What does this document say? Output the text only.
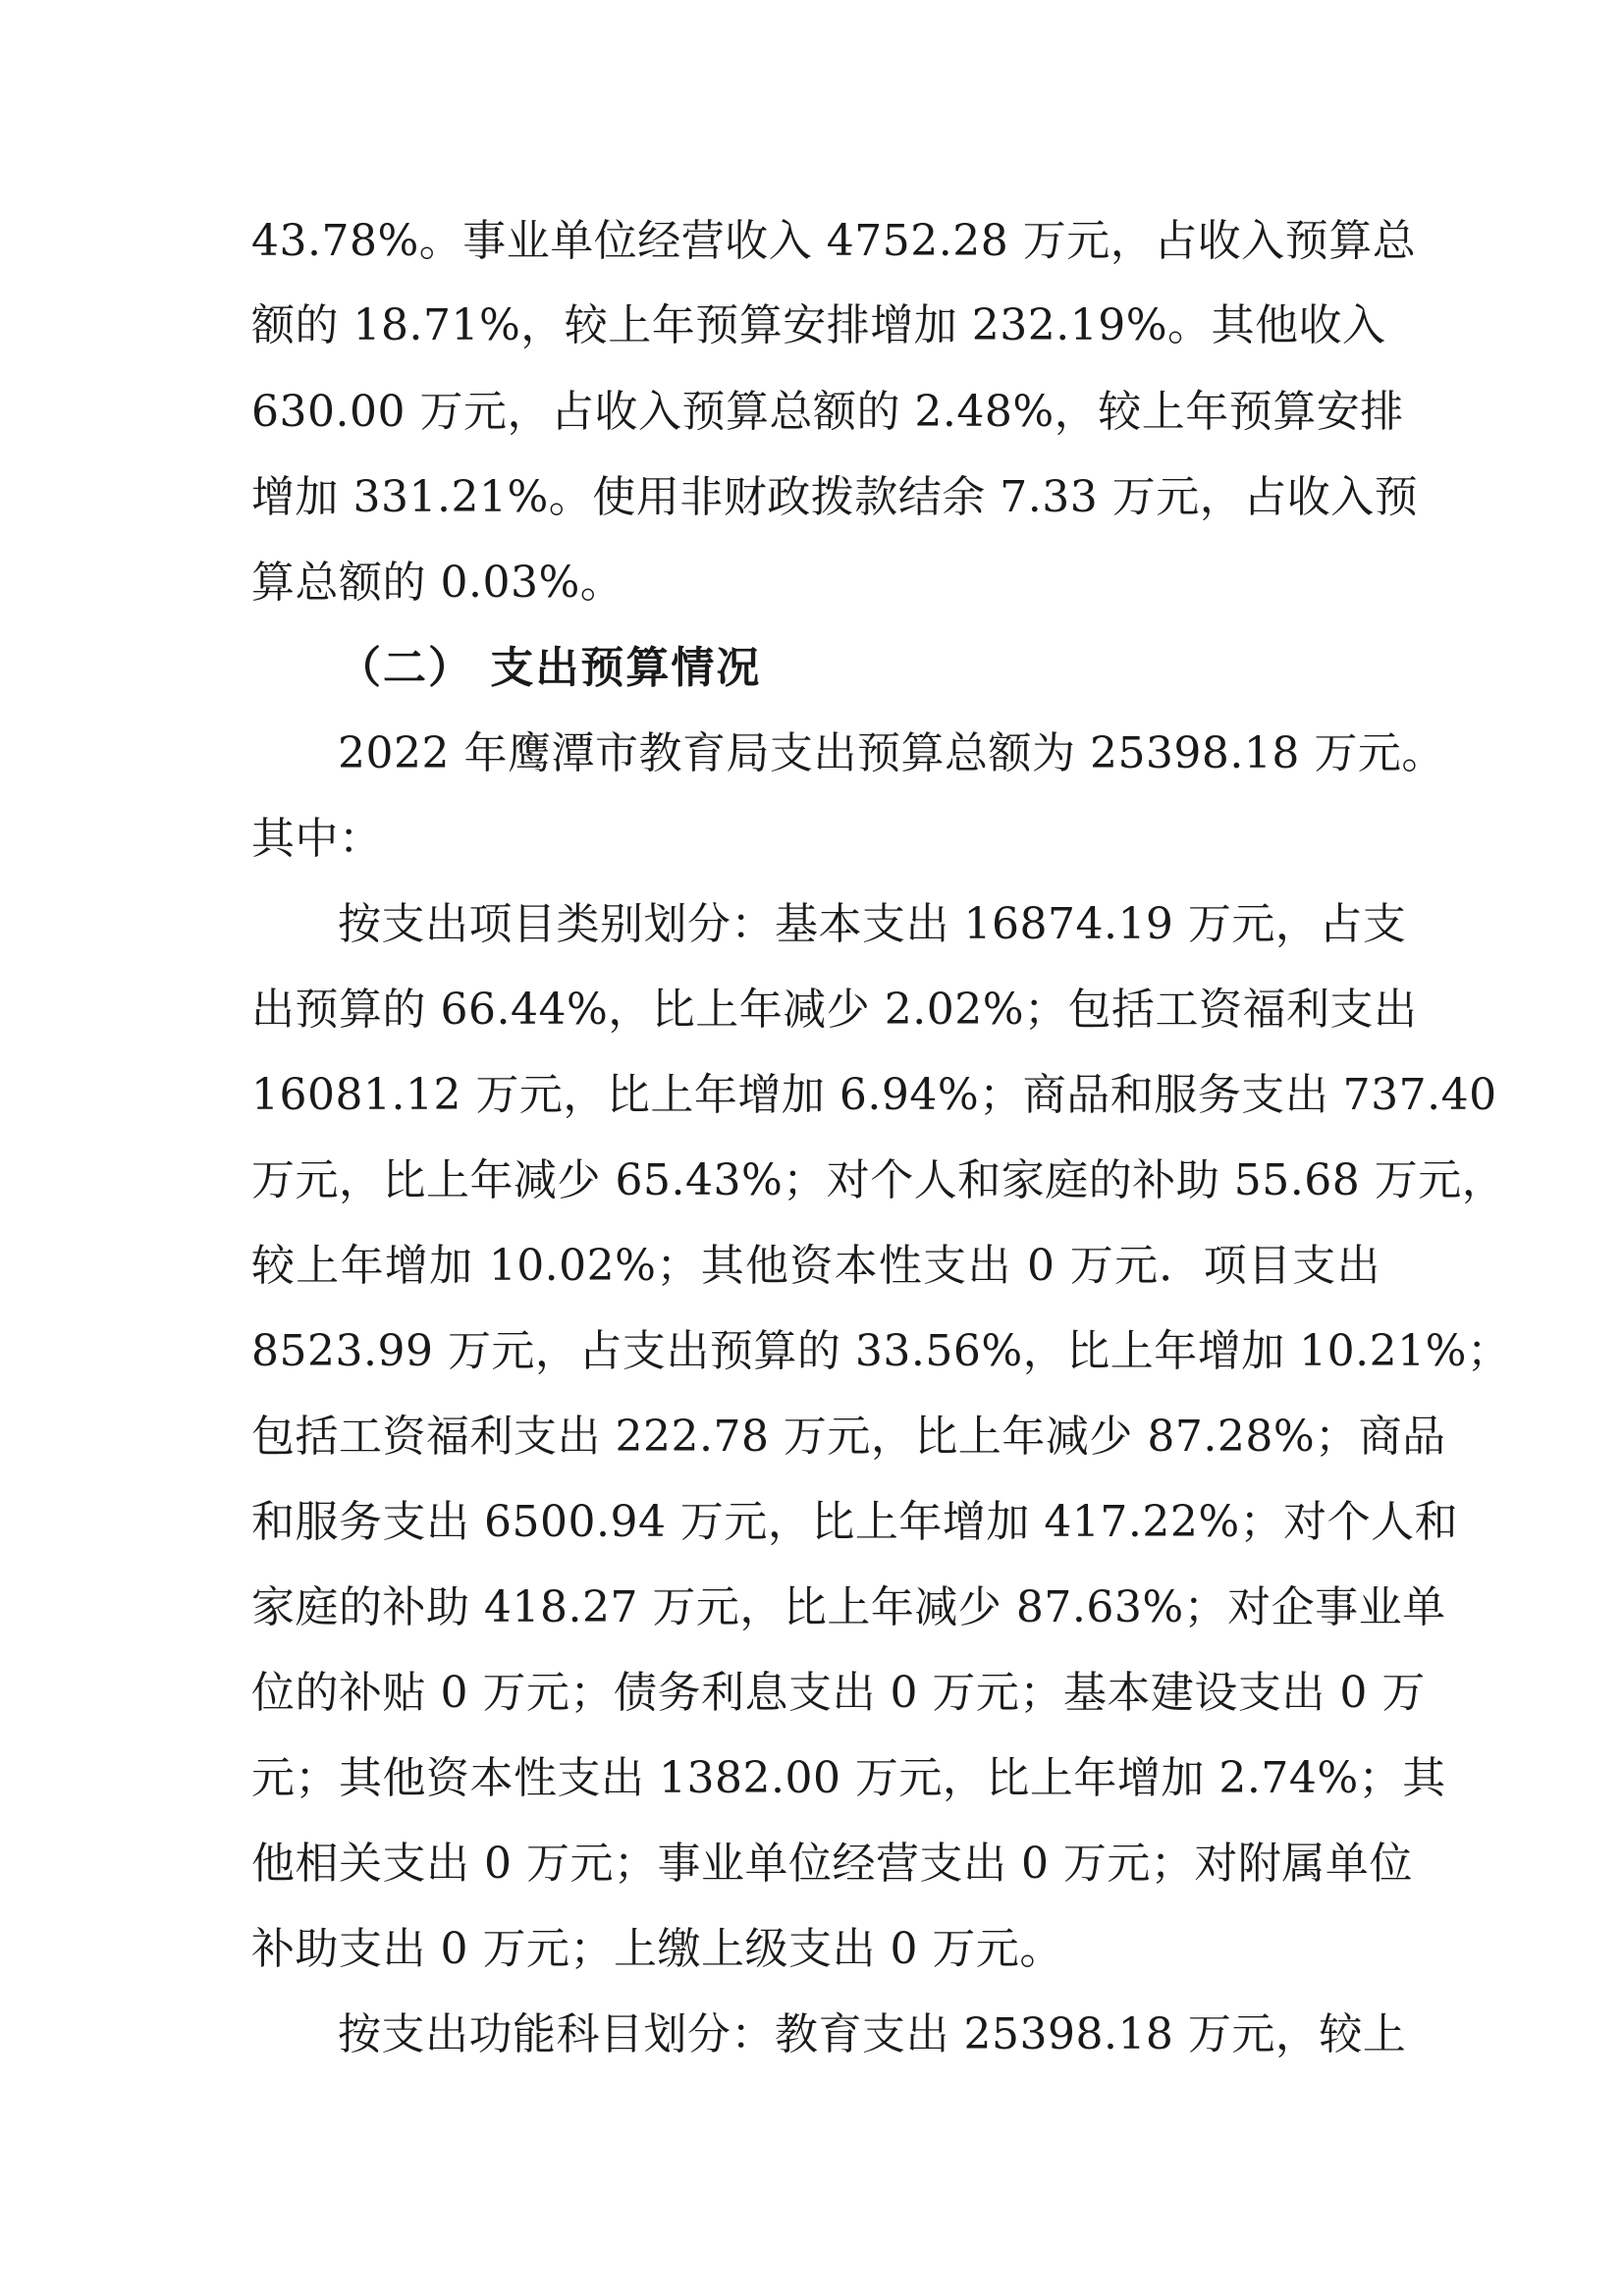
43.78%。事业单位经营收入 4752.28 万元，占收入预算总
额的 18.71%，较上年预算安排增加 232.19%。其他收入
630.00 万元，占收入预算总额的 2.48%，较上年预算安排
增加 331.21%。使用非财政拨款结余 7.33 万元，占收入预
算总额的 0.03%。
（二） 支出预算情况
2022 年鹰潭市教育局支出预算总额为 25398.18 万元。
其中：
按支出项目类别划分：基本支出 16874.19 万元，占支
出预算的 66.44%，比上年减少 2.02%；包括工资福利支出
16081.12 万元，比上年增加 6.94%；商品和服务支出 737.40
万元，比上年减少 65.43%；对个人和家庭的补助 55.68 万元，
较上年增加 10.02%；其他资本性支出 0 万元．项目支出
8523.99 万元，占支出预算的 33.56%，比上年增加 10.21%；
包括工资福利支出 222.78 万元，比上年减少 87.28%；商品
和服务支出 6500.94 万元，比上年增加 417.22%；对个人和
家庭的补助 418.27 万元，比上年减少 87.63%；对企事业单
位的补贴 0 万元；债务利息支出 0 万元；基本建设支出 0 万
元；其他资本性支出 1382.00 万元，比上年增加 2.74%；其
他相关支出 0 万元；事业单位经营支出 0 万元；对附属单位
补助支出 0 万元；上缴上级支出 0 万元。
按支出功能科目划分：教育支出 25398.18 万元，较上
